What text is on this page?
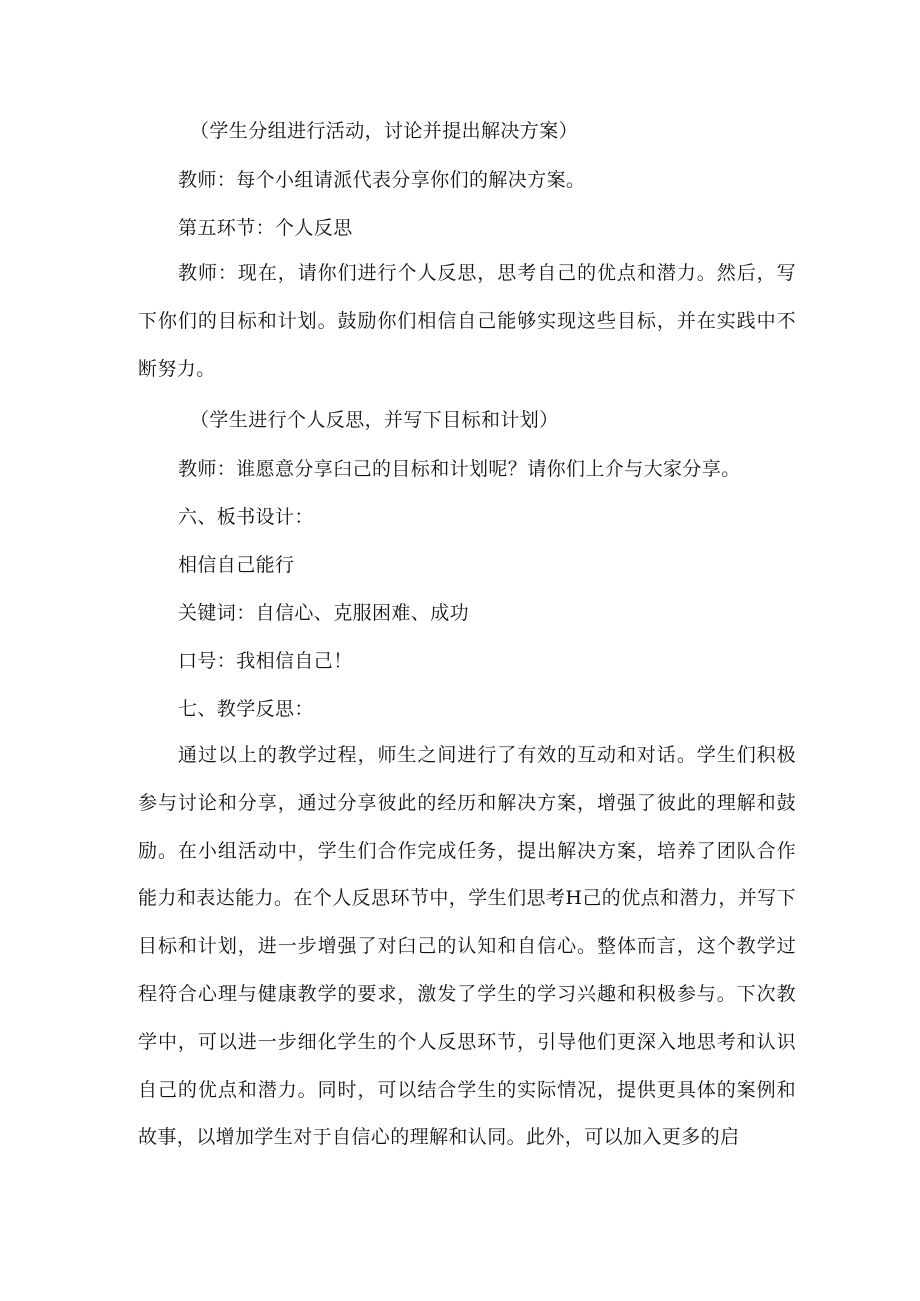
（学生分组进行活动，讨论并提出解决方案）
教师：每个小组请派代表分享你们的解决方案。
第五环节：个人反思
教师：现在，请你们进行个人反思，思考自己的优点和潜力。然后，写下你们的目标和计划。鼓励你们相信自己能够实现这些目标，并在实践中不断努力。
（学生进行个人反思，并写下目标和计划）
教师：谁愿意分享臼己的目标和计划呢？请你们上介与大家分享。
六、板书设计：
相信自己能行
关键词：自信心、克服困难、成功
口号：我相信自己！
七、教学反思：
通过以上的教学过程，师生之间进行了有效的互动和对话。学生们积极参与讨论和分享，通过分享彼此的经历和解决方案，增强了彼此的理解和鼓励。在小组活动中，学生们合作完成任务，提出解决方案，培养了团队合作能力和表达能力。在个人反思环节中，学生们思考H己的优点和潜力，并写下目标和计划，进一步增强了对臼己的认知和自信心。整体而言，这个教学过程符合心理与健康教学的要求，激发了学生的学习兴趣和积极参与。下次教学中，可以进一步细化学生的个人反思环节，引导他们更深入地思考和认识自己的优点和潜力。同时，可以结合学生的实际情况，提供更具体的案例和故事，以增加学生对于自信心的理解和认同。此外，可以加入更多的启
